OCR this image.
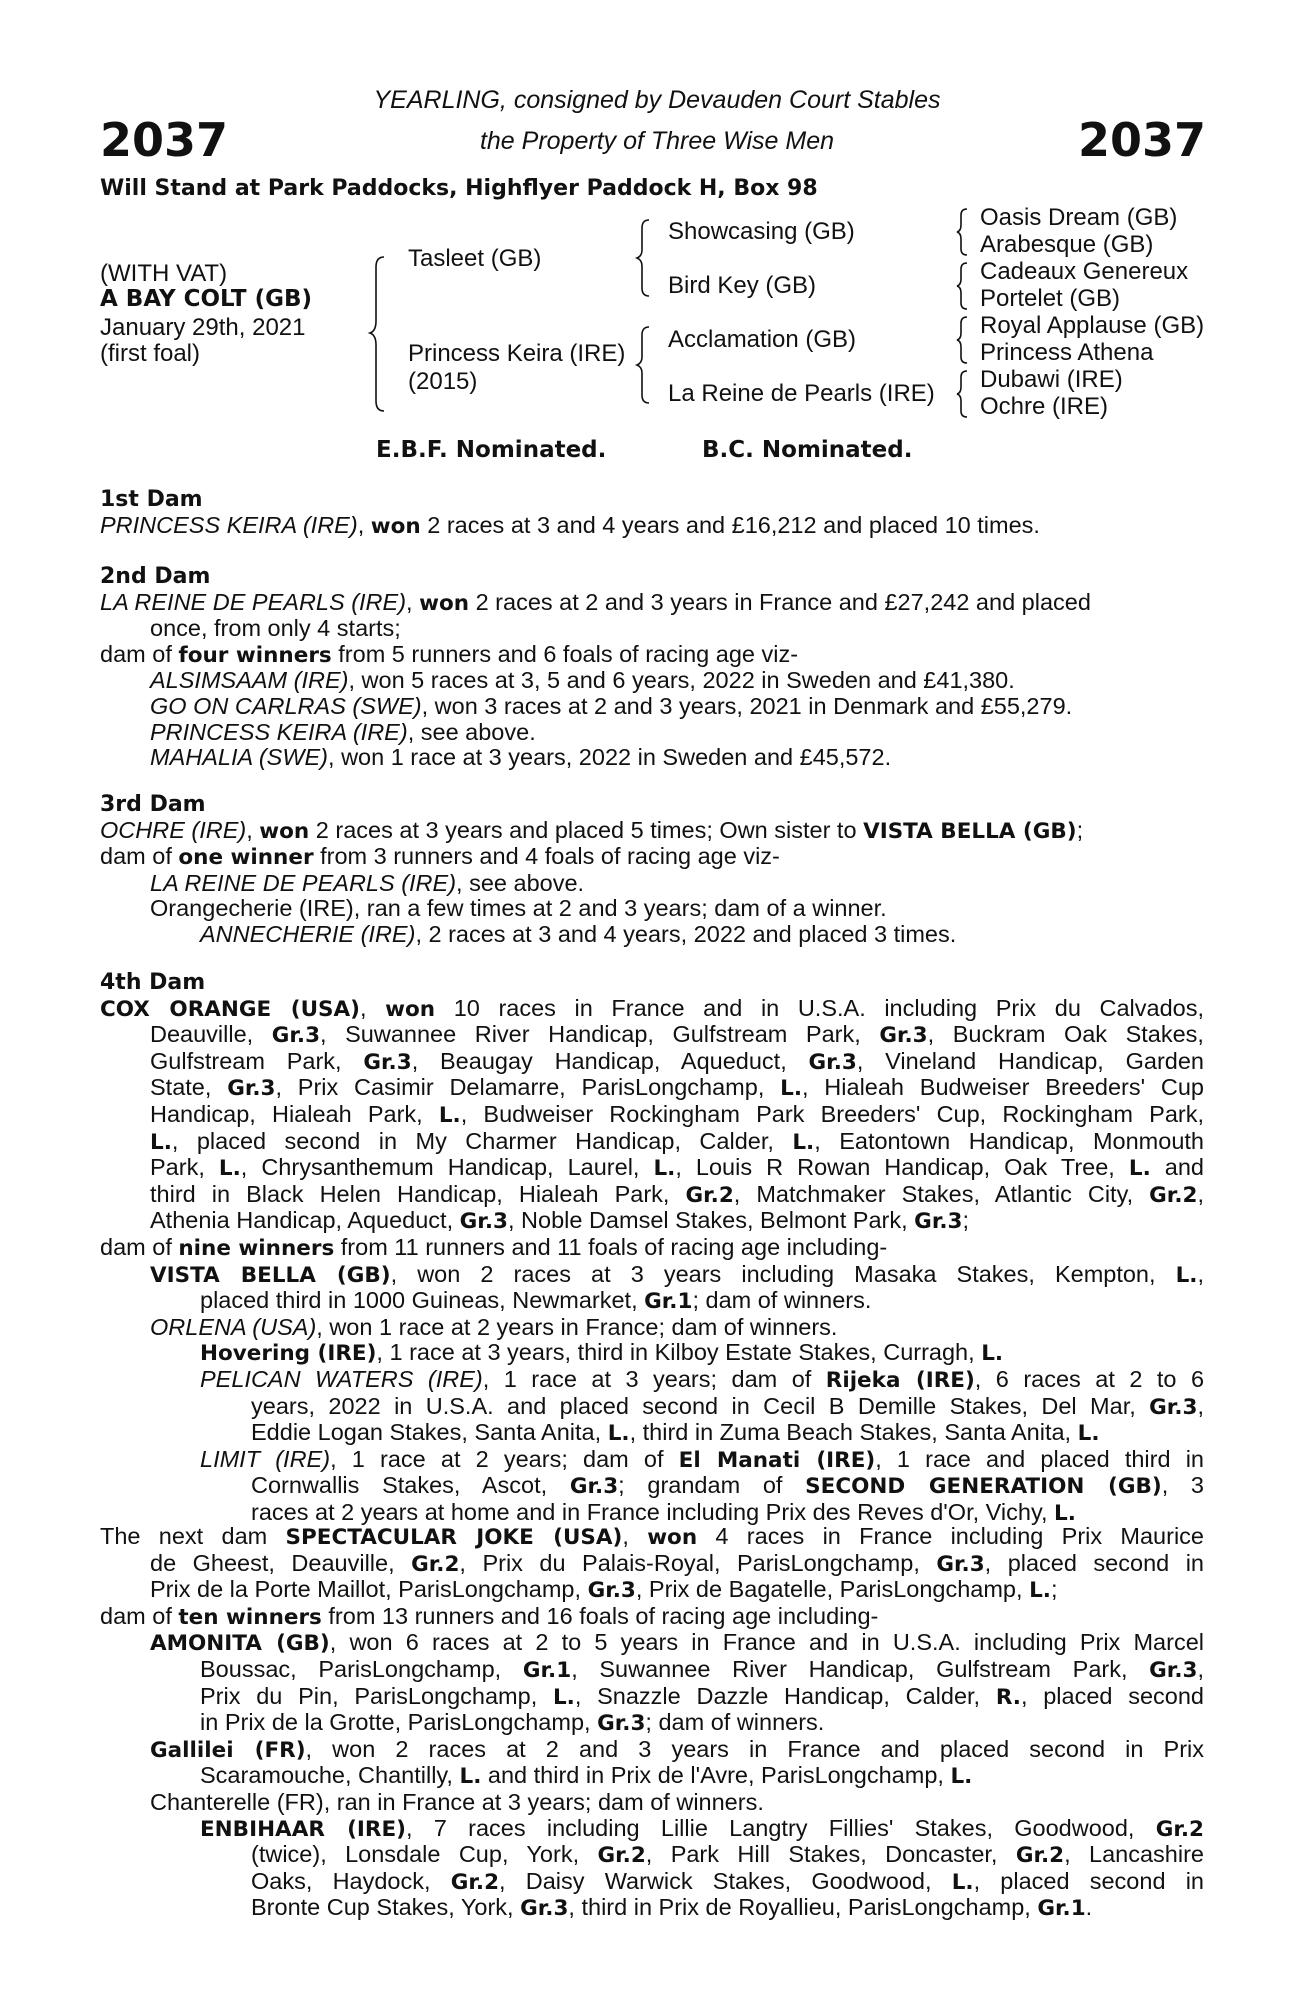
2037	2037
YEARLING, consigned by Devauden Court Stables
the Property of Three Wise Men
Will Stand at Park Paddocks, Highflyer Paddock H, Box 98
(WITH VAT)
A BAY COLT (GB)
January 29th, 2021
(first foal)
Tasleet (GB)
Princess Keira (IRE)
(2015)
Showcasing (GB)
Bird Key (GB)
Acclamation (GB)
La Reine de Pearls (IRE)
Oasis Dream (GB)
Arabesque (GB)
Cadeaux Genereux
Portelet (GB)
Royal Applause (GB)
Princess Athena
Dubawi (IRE)
Ochre (IRE)
E.B.F. Nominated.	B.C. Nominated.
1st Dam
PRINCESS KEIRA (IRE), won 2 races at 3 and 4 years and £16,212 and placed 10 times.
2nd Dam
LA REINE DE PEARLS (IRE), won 2 races at 2 and 3 years in France and £27,242 and placed
once, from only 4 starts;
dam of four winners from 5 runners and 6 foals of racing age viz-
ALSIMSAAM (IRE), won 5 races at 3, 5 and 6 years, 2022 in Sweden and £41,380.
GO ON CARLRAS (SWE), won 3 races at 2 and 3 years, 2021 in Denmark and £55,279.
PRINCESS KEIRA (IRE), see above.
MAHALIA (SWE), won 1 race at 3 years, 2022 in Sweden and £45,572.
3rd Dam
OCHRE (IRE), won 2 races at 3 years and placed 5 times; Own sister to VISTA BELLA (GB);
dam of one winner from 3 runners and 4 foals of racing age viz-
LA REINE DE PEARLS (IRE), see above.
Orangecherie (IRE), ran a few times at 2 and 3 years; dam of a winner.
ANNECHERIE (IRE), 2 races at 3 and 4 years, 2022 and placed 3 times.
4th Dam
COX ORANGE (USA), won 10 races in France and in U.S.A. including Prix du Calvados,
Deauville, Gr.3, Suwannee River Handicap, Gulfstream Park, Gr.3, Buckram Oak Stakes,
Gulfstream Park, Gr.3, Beaugay Handicap, Aqueduct, Gr.3, Vineland Handicap, Garden
State, Gr.3, Prix Casimir Delamarre, ParisLongchamp, L., Hialeah Budweiser Breeders' Cup
Handicap, Hialeah Park, L., Budweiser Rockingham Park Breeders' Cup, Rockingham Park,
L., placed second in My Charmer Handicap, Calder, L., Eatontown Handicap, Monmouth
Park, L., Chrysanthemum Handicap, Laurel, L., Louis R Rowan Handicap, Oak Tree, L. and
third in Black Helen Handicap, Hialeah Park, Gr.2, Matchmaker Stakes, Atlantic City, Gr.2,
Athenia Handicap, Aqueduct, Gr.3, Noble Damsel Stakes, Belmont Park, Gr.3;
dam of nine winners from 11 runners and 11 foals of racing age including-
VISTA BELLA (GB), won 2 races at 3 years including Masaka Stakes, Kempton, L.,
placed third in 1000 Guineas, Newmarket, Gr.1; dam of winners.
ORLENA (USA), won 1 race at 2 years in France; dam of winners.
Hovering (IRE), 1 race at 3 years, third in Kilboy Estate Stakes, Curragh, L.
PELICAN WATERS (IRE), 1 race at 3 years; dam of Rijeka (IRE), 6 races at 2 to 6
years, 2022 in U.S.A. and placed second in Cecil B Demille Stakes, Del Mar, Gr.3,
Eddie Logan Stakes, Santa Anita, L., third in Zuma Beach Stakes, Santa Anita, L.
LIMIT (IRE), 1 race at 2 years; dam of El Manati (IRE), 1 race and placed third in
Cornwallis Stakes, Ascot, Gr.3; grandam of SECOND GENERATION (GB), 3
races at 2 years at home and in France including Prix des Reves d'Or, Vichy, L.
The next dam SPECTACULAR JOKE (USA), won 4 races in France including Prix Maurice
de Gheest, Deauville, Gr.2, Prix du Palais-Royal, ParisLongchamp, Gr.3, placed second in
Prix de la Porte Maillot, ParisLongchamp, Gr.3, Prix de Bagatelle, ParisLongchamp, L.;
dam of ten winners from 13 runners and 16 foals of racing age including-
AMONITA (GB), won 6 races at 2 to 5 years in France and in U.S.A. including Prix Marcel
Boussac, ParisLongchamp, Gr.1, Suwannee River Handicap, Gulfstream Park, Gr.3,
Prix du Pin, ParisLongchamp, L., Snazzle Dazzle Handicap, Calder, R., placed second
in Prix de la Grotte, ParisLongchamp, Gr.3; dam of winners.
Gallilei (FR), won 2 races at 2 and 3 years in France and placed second in Prix
Scaramouche, Chantilly, L. and third in Prix de l'Avre, ParisLongchamp, L.
Chanterelle (FR), ran in France at 3 years; dam of winners.
ENBIHAAR (IRE), 7 races including Lillie Langtry Fillies' Stakes, Goodwood, Gr.2
(twice), Lonsdale Cup, York, Gr.2, Park Hill Stakes, Doncaster, Gr.2, Lancashire
Oaks, Haydock, Gr.2, Daisy Warwick Stakes, Goodwood, L., placed second in
Bronte Cup Stakes, York, Gr.3, third in Prix de Royallieu, ParisLongchamp, Gr.1.
